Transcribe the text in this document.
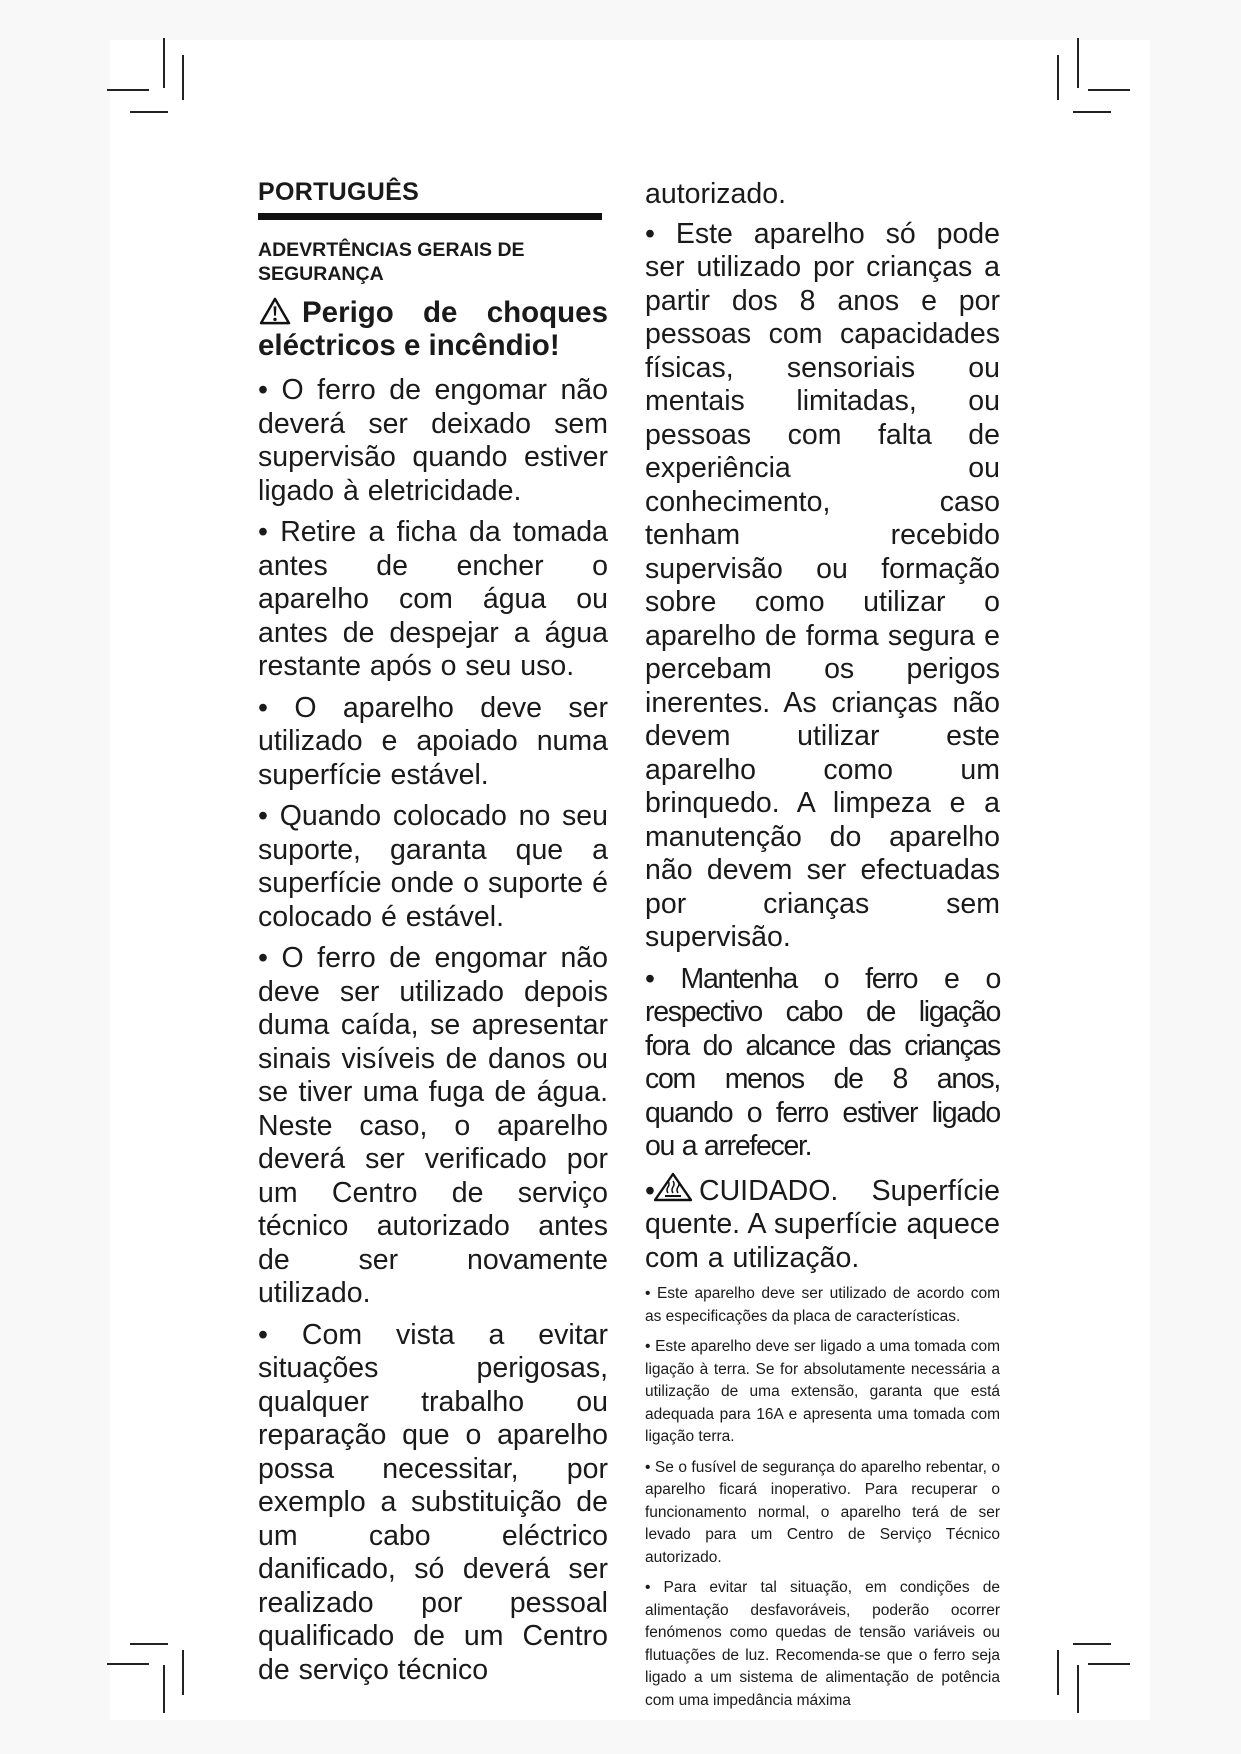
PORTUGUÊS
ADEVRTÊNCIAS GERAIS DE SEGURANÇA

Perigo de choques eléctricos e incêndio!

• O ferro de engomar não deverá ser deixado sem supervisão quando estiver ligado à eletricidade.

• Retire a ficha da tomada antes de encher o aparelho com água ou antes de despejar a água restante após o seu uso.

• O aparelho deve ser utilizado e apoiado numa superfície estável.

• Quando colocado no seu suporte, garanta que a superfície onde o suporte é colocado é estável.

• O ferro de engomar não deve ser utilizado depois duma caída, se apresentar sinais visíveis de danos ou se tiver uma fuga de água. Neste caso, o aparelho deverá ser verificado por um Centro de serviço técnico autorizado antes de ser novamente utilizado.

• Com vista a evitar situações perigosas, qualquer trabalho ou reparação que o aparelho possa necessitar, por exemplo a substituição de um cabo eléctrico danificado, só deverá ser realizado por pessoal qualificado de um Centro de serviço técnico

autorizado.

• Este aparelho só pode ser utilizado por crianças a partir dos 8 anos e por pessoas com capacidades físicas, sensoriais ou mentais limitadas, ou pessoas com falta de experiência ou conhecimento, caso tenham recebido supervisão ou formação sobre como utilizar o aparelho de forma segura e percebam os perigos inerentes. As crianças não devem utilizar este aparelho como um brinquedo. A limpeza e a manutenção do aparelho não devem ser efectuadas por crianças sem supervisão.

• Mantenha o ferro e o respectivo cabo de ligação fora do alcance das crianças com menos de 8 anos, quando o ferro estiver ligado ou a arrefecer.

• CUIDADO. Superfície quente. A superfície aquece com a utilização.

• Este aparelho deve ser utilizado de acordo com as especificações da placa de características.

• Este aparelho deve ser ligado a uma tomada com ligação à terra. Se for absolutamente necessária a utilização de uma extensão, garanta que está adequada para 16A e apresenta uma tomada com ligação terra.

• Se o fusível de segurança do aparelho rebentar, o aparelho ficará inoperativo. Para recuperar o funcionamento normal, o aparelho terá de ser levado para um Centro de Serviço Técnico autorizado.

• Para evitar tal situação, em condições de alimentação desfavoráveis, poderão ocorrer fenómenos como quedas de tensão variáveis ou flutuações de luz. Recomenda-se que o ferro seja ligado a um sistema de alimentação de potência com uma impedância máxima
